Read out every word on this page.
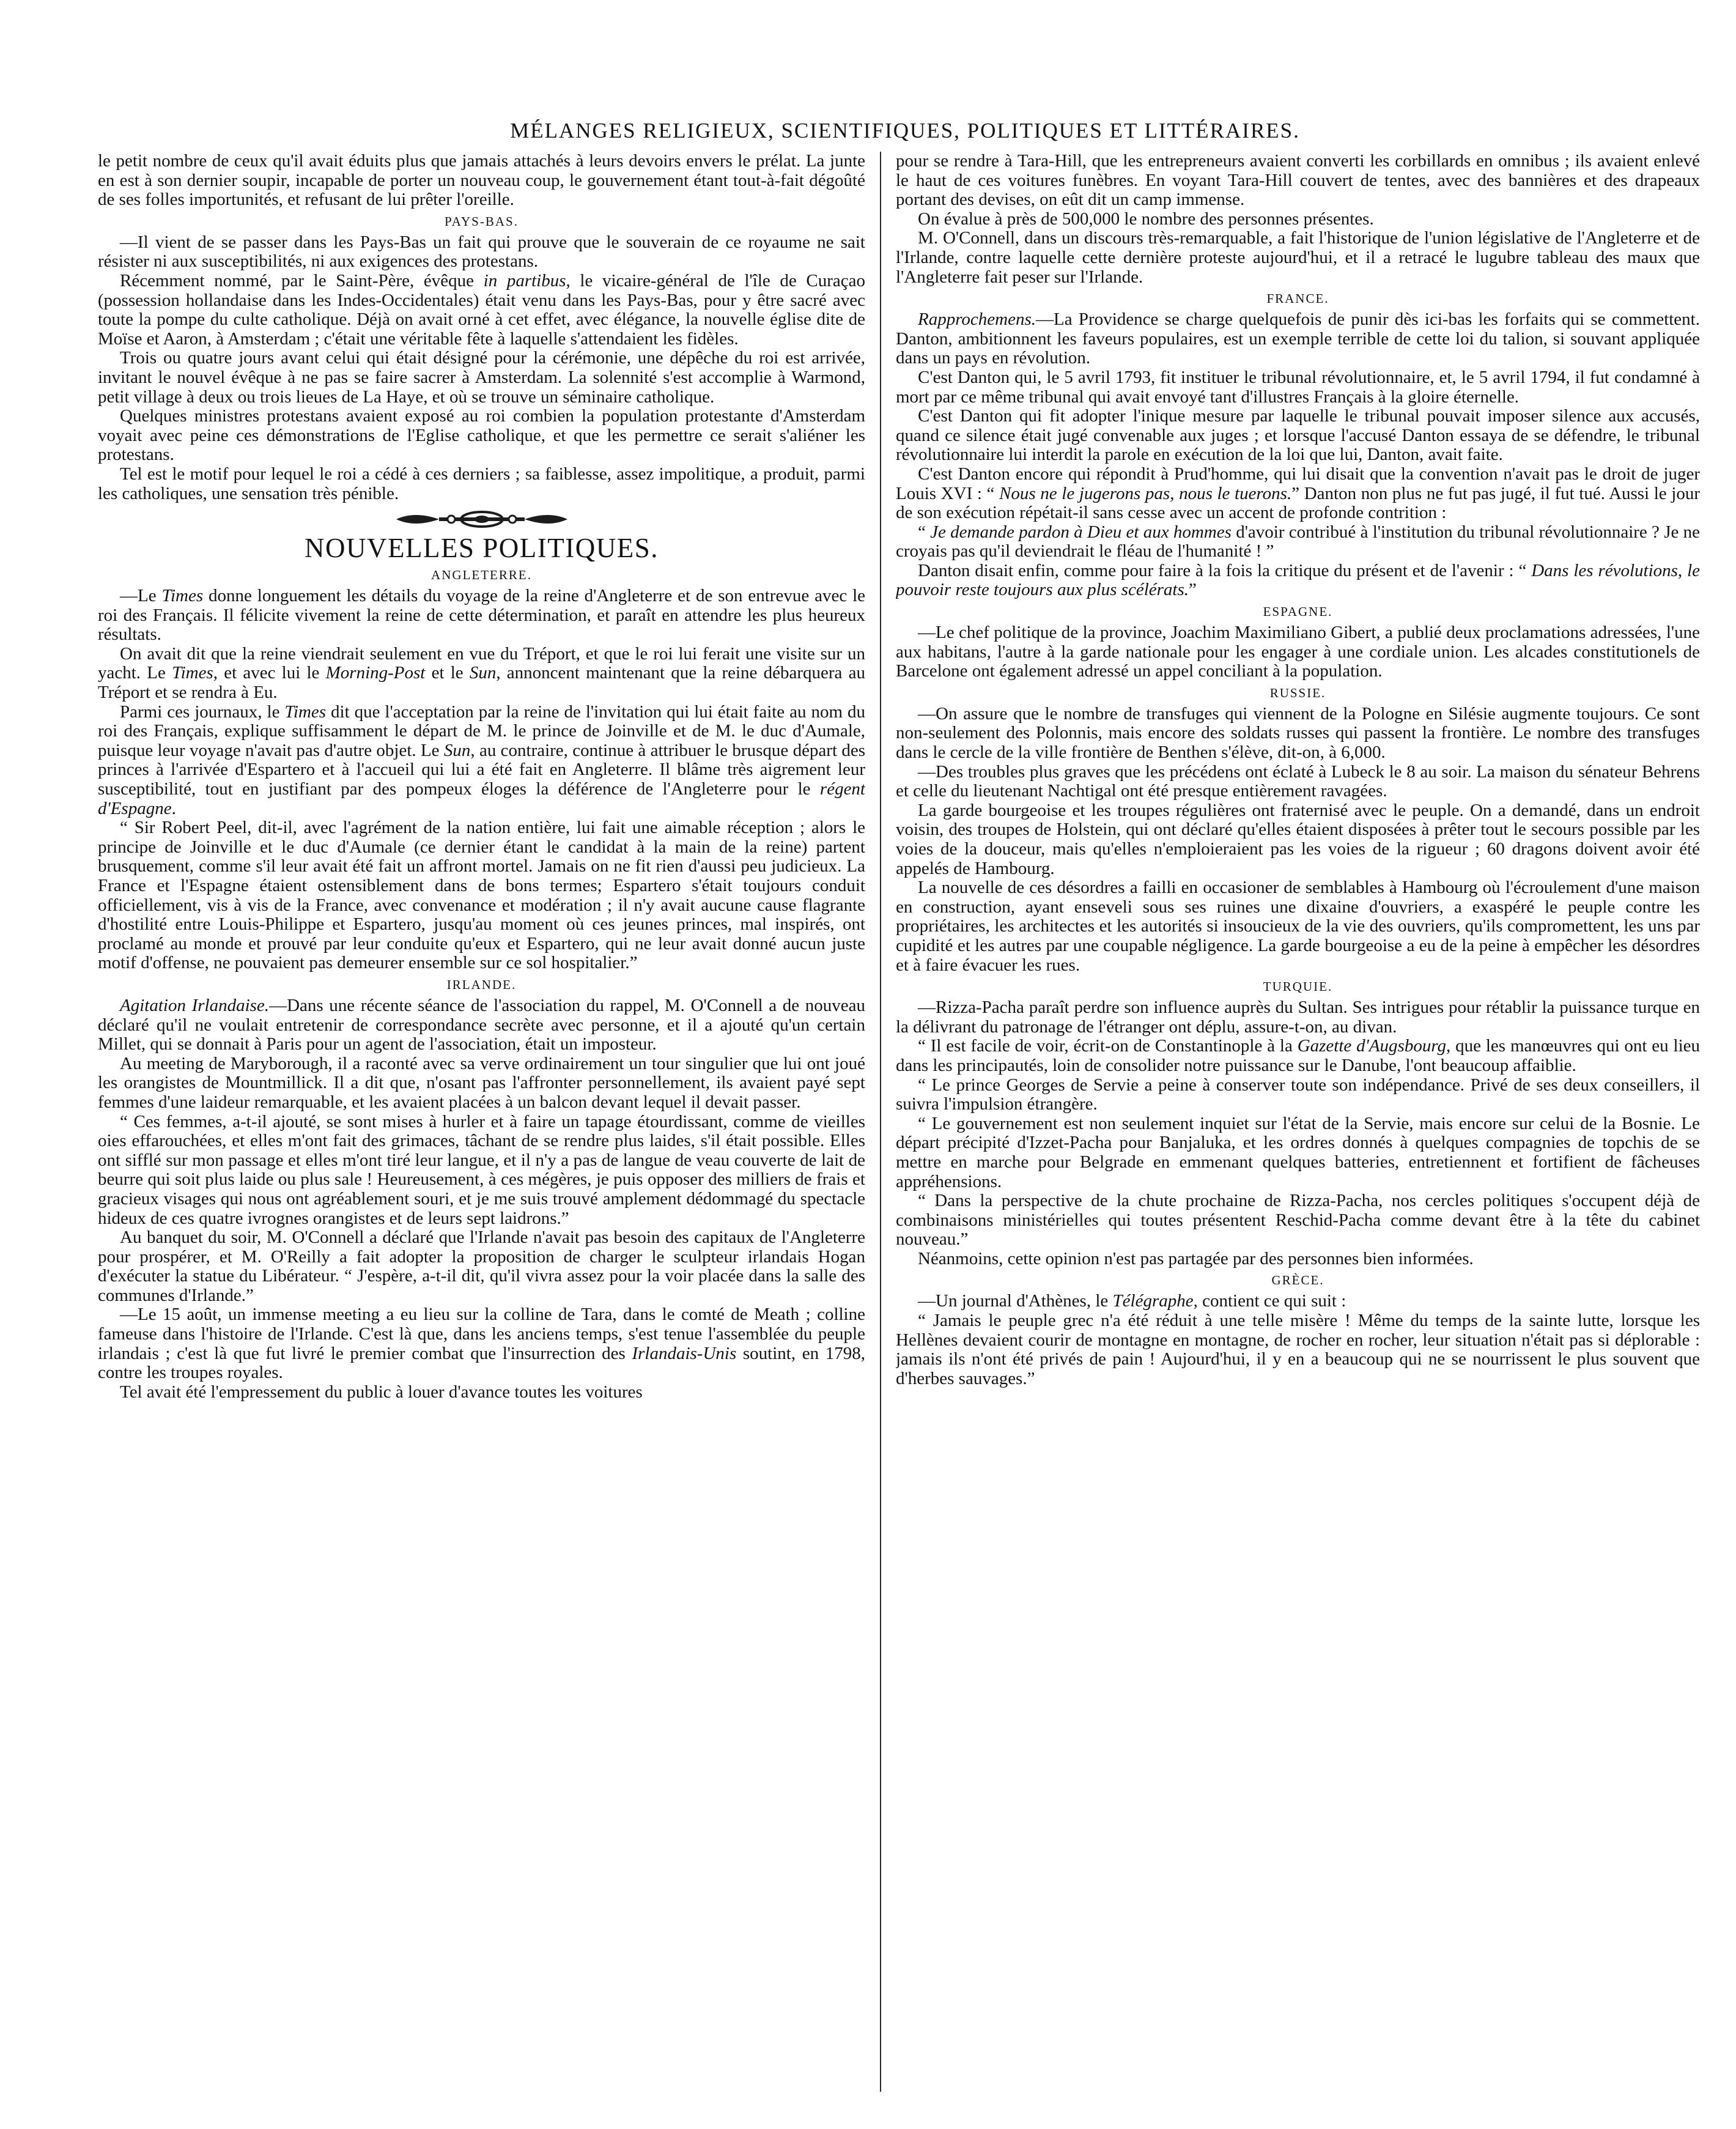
MÉLANGES RELIGIEUX, SCIENTIFIQUES, POLITIQUES ET LITTÉRAIRES.

le petit nombre de ceux qu'il avait éduits plus que jamais attachés à leurs devoirs envers le prélat. La junte en est à son dernier soupir, incapable de porter un nouveau coup, le gouvernement étant tout-à-fait dégoûté de ses folles importunités, et refusant de lui prêter l'oreille.

PAYS-BAS.

—Il vient de se passer dans les Pays-Bas un fait qui prouve que le souverain de ce royaume ne sait résister ni aux susceptibilités, ni aux exigences des protestans.

Récemment nommé, par le Saint-Père, évêque in partibus, le vicaire-général de l'île de Curaçao (possession hollandaise dans les Indes-Occidentales) était venu dans les Pays-Bas, pour y être sacré avec toute la pompe du culte catholique. Déjà on avait orné à cet effet, avec élégance, la nouvelle église dite de Moïse et Aaron, à Amsterdam ; c'était une véritable fête à laquelle s'attendaient les fidèles.

Trois ou quatre jours avant celui qui était désigné pour la cérémonie, une dépêche du roi est arrivée, invitant le nouvel évêque à ne pas se faire sacrer à Amsterdam. La solennité s'est accomplie à Warmond, petit village à deux ou trois lieues de La Haye, et où se trouve un séminaire catholique.

Quelques ministres protestans avaient exposé au roi combien la population protestante d'Amsterdam voyait avec peine ces démonstrations de l'Eglise catholique, et que les permettre ce serait s'aliéner les protestans.

Tel est le motif pour lequel le roi a cédé à ces derniers ; sa faiblesse, assez impolitique, a produit, parmi les catholiques, une sensation très pénible.

NOUVELLES POLITIQUES.
ANGLETERRE.

—Le Times donne longuement les détails du voyage de la reine d'Angleterre et de son entrevue avec le roi des Français. Il félicite vivement la reine de cette détermination, et paraît en attendre les plus heureux résultats.

On avait dit que la reine viendrait seulement en vue du Tréport, et que le roi lui ferait une visite sur un yacht. Le Times, et avec lui le Morning-Post et le Sun, annoncent maintenant que la reine débarquera au Tréport et se rendra à Eu.

Parmi ces journaux, le Times dit que l'acceptation par la reine de l'invitation qui lui était faite au nom du roi des Français, explique suffisamment le départ de M. le prince de Joinville et de M. le duc d'Aumale, puisque leur voyage n'avait pas d'autre objet. Le Sun, au contraire, continue à attribuer le brusque départ des princes à l'arrivée d'Espartero et à l'accueil qui lui a été fait en Angleterre. Il blâme très aigrement leur susceptibilité, tout en justifiant par des pompeux éloges la déférence de l'Angleterre pour le régent d'Espagne.

“ Sir Robert Peel, dit-il, avec l'agrément de la nation entière, lui fait une aimable réception ; alors le principe de Joinville et le duc d'Aumale (ce dernier étant le candidat à la main de la reine) partent brusquement, comme s'il leur avait été fait un affront mortel. Jamais on ne fit rien d'aussi peu judicieux. La France et l'Espagne étaient ostensiblement dans de bons termes; Espartero s'était toujours conduit officiellement, vis à vis de la France, avec convenance et modération ; il n'y avait aucune cause flagrante d'hostilité entre Louis-Philippe et Espartero, jusqu'au moment où ces jeunes princes, mal inspirés, ont proclamé au monde et prouvé par leur conduite qu'eux et Espartero, qui ne leur avait donné aucun juste motif d'offense, ne pouvaient pas demeurer ensemble sur ce sol hospitalier.”

IRLANDE.

Agitation Irlandaise.—Dans une récente séance de l'association du rappel, M. O'Connell a de nouveau déclaré qu'il ne voulait entretenir de correspondance secrète avec personne, et il a ajouté qu'un certain Millet, qui se donnait à Paris pour un agent de l'association, était un imposteur.

Au meeting de Maryborough, il a raconté avec sa verve ordinairement un tour singulier que lui ont joué les orangistes de Mountmillick. Il a dit que, n'osant pas l'affronter personnellement, ils avaient payé sept femmes d'une laideur remarquable, et les avaient placées à un balcon devant lequel il devait passer.

“ Ces femmes, a-t-il ajouté, se sont mises à hurler et à faire un tapage étourdissant, comme de vieilles oies effarouchées, et elles m'ont fait des grimaces, tâchant de se rendre plus laides, s'il était possible. Elles ont sifflé sur mon passage et elles m'ont tiré leur langue, et il n'y a pas de langue de veau couverte de lait de beurre qui soit plus laide ou plus sale ! Heureusement, à ces mégères, je puis opposer des milliers de frais et gracieux visages qui nous ont agréablement souri, et je me suis trouvé amplement dédommagé du spectacle hideux de ces quatre ivrognes orangistes et de leurs sept laidrons.”

Au banquet du soir, M. O'Connell a déclaré que l'Irlande n'avait pas besoin des capitaux de l'Angleterre pour prospérer, et M. O'Reilly a fait adopter la proposition de charger le sculpteur irlandais Hogan d'exécuter la statue du Libérateur. “ J'espère, a-t-il dit, qu'il vivra assez pour la voir placée dans la salle des communes d'Irlande.”

—Le 15 août, un immense meeting a eu lieu sur la colline de Tara, dans le comté de Meath ; colline fameuse dans l'histoire de l'Irlande. C'est là que, dans les anciens temps, s'est tenue l'assemblée du peuple irlandais ; c'est là que fut livré le premier combat que l'insurrection des Irlandais-Unis soutint, en 1798, contre les troupes royales.

Tel avait été l'empressement du public à louer d'avance toutes les voitures

pour se rendre à Tara-Hill, que les entrepreneurs avaient converti les corbillards en omnibus ; ils avaient enlevé le haut de ces voitures funèbres. En voyant Tara-Hill couvert de tentes, avec des bannières et des drapeaux portant des devises, on eût dit un camp immense.

On évalue à près de 500,000 le nombre des personnes présentes.

M. O'Connell, dans un discours très-remarquable, a fait l'historique de l'union législative de l'Angleterre et de l'Irlande, contre laquelle cette dernière proteste aujourd'hui, et il a retracé le lugubre tableau des maux que l'Angleterre fait peser sur l'Irlande.

FRANCE.

Rapprochemens.—La Providence se charge quelquefois de punir dès ici-bas les forfaits qui se commettent. Danton, ambitionnent les faveurs populaires, est un exemple terrible de cette loi du talion, si souvant appliquée dans un pays en révolution.

C'est Danton qui, le 5 avril 1793, fit instituer le tribunal révolutionnaire, et, le 5 avril 1794, il fut condamné à mort par ce même tribunal qui avait envoyé tant d'illustres Français à la gloire éternelle.

C'est Danton qui fit adopter l'inique mesure par laquelle le tribunal pouvait imposer silence aux accusés, quand ce silence était jugé convenable aux juges ; et lorsque l'accusé Danton essaya de se défendre, le tribunal révolutionnaire lui interdit la parole en exécution de la loi que lui, Danton, avait faite.

C'est Danton encore qui répondit à Prud'homme, qui lui disait que la convention n'avait pas le droit de juger Louis XVI : “ Nous ne le jugerons pas, nous le tuerons.” Danton non plus ne fut pas jugé, il fut tué. Aussi le jour de son exécution répétait-il sans cesse avec un accent de profonde contrition :

“ Je demande pardon à Dieu et aux hommes d'avoir contribué à l'institution du tribunal révolutionnaire ? Je ne croyais pas qu'il deviendrait le fléau de l'humanité ! ”

Danton disait enfin, comme pour faire à la fois la critique du présent et de l'avenir : “ Dans les révolutions, le pouvoir reste toujours aux plus scélérats.”

ESPAGNE.

—Le chef politique de la province, Joachim Maximiliano Gibert, a publié deux proclamations adressées, l'une aux habitans, l'autre à la garde nationale pour les engager à une cordiale union. Les alcades constitutionels de Barcelone ont également adressé un appel conciliant à la population.

RUSSIE.

—On assure que le nombre de transfuges qui viennent de la Pologne en Silésie augmente toujours. Ce sont non-seulement des Polonnis, mais encore des soldats russes qui passent la frontière. Le nombre des transfuges dans le cercle de la ville frontière de Benthen s'élève, dit-on, à 6,000.

—Des troubles plus graves que les précédens ont éclaté à Lubeck le 8 au soir. La maison du sénateur Behrens et celle du lieutenant Nachtigal ont été presque entièrement ravagées.

La garde bourgeoise et les troupes régulières ont fraternisé avec le peuple. On a demandé, dans un endroit voisin, des troupes de Holstein, qui ont déclaré qu'elles étaient disposées à prêter tout le secours possible par les voies de la douceur, mais qu'elles n'emploieraient pas les voies de la rigueur ; 60 dragons doivent avoir été appelés de Hambourg.

La nouvelle de ces désordres a failli en occasioner de semblables à Hambourg où l'écroulement d'une maison en construction, ayant enseveli sous ses ruines une dixaine d'ouvriers, a exaspéré le peuple contre les propriétaires, les architectes et les autorités si insoucieux de la vie des ouvriers, qu'ils compromettent, les uns par cupidité et les autres par une coupable négligence. La garde bourgeoise a eu de la peine à empêcher les désordres et à faire évacuer les rues.

TURQUIE.

—Rizza-Pacha paraît perdre son influence auprès du Sultan. Ses intrigues pour rétablir la puissance turque en la délivrant du patronage de l'étranger ont déplu, assure-t-on, au divan.

“ Il est facile de voir, écrit-on de Constantinople à la Gazette d'Augsbourg, que les manœuvres qui ont eu lieu dans les principautés, loin de consolider notre puissance sur le Danube, l'ont beaucoup affaiblie.

“ Le prince Georges de Servie a peine à conserver toute son indépendance. Privé de ses deux conseillers, il suivra l'impulsion étrangère.

“ Le gouvernement est non seulement inquiet sur l'état de la Servie, mais encore sur celui de la Bosnie. Le départ précipité d'Izzet-Pacha pour Banjaluka, et les ordres donnés à quelques compagnies de topchis de se mettre en marche pour Belgrade en emmenant quelques batteries, entretiennent et fortifient de fâcheuses appréhensions.

“ Dans la perspective de la chute prochaine de Rizza-Pacha, nos cercles politiques s'occupent déjà de combinaisons ministérielles qui toutes présentent Reschid-Pacha comme devant être à la tête du cabinet nouveau.”

Néanmoins, cette opinion n'est pas partagée par des personnes bien informées.

GRÈCE.

—Un journal d'Athènes, le Télégraphe, contient ce qui suit :

“ Jamais le peuple grec n'a été réduit à une telle misère ! Même du temps de la sainte lutte, lorsque les Hellènes devaient courir de montagne en montagne, de rocher en rocher, leur situation n'était pas si déplorable : jamais ils n'ont été privés de pain ! Aujourd'hui, il y en a beaucoup qui ne se nourrissent le plus souvent que d'herbes sauvages.”
